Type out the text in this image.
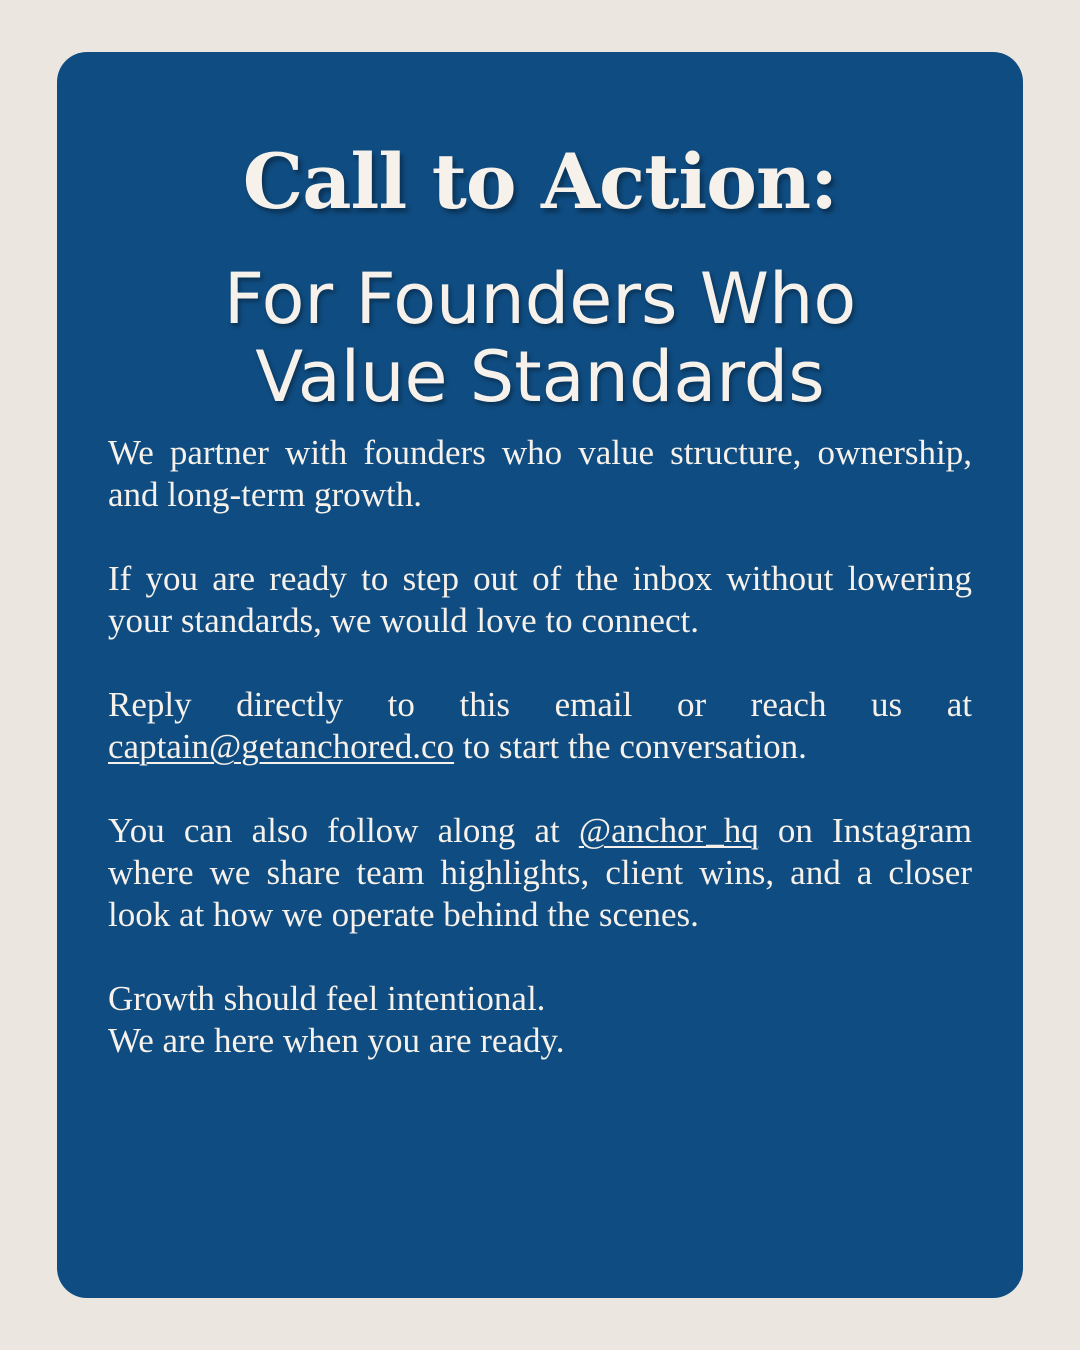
Call to Action:
For Founders Who
Value Standards

We partner with founders who value structure, ownership, and long-term growth.

If you are ready to step out of the inbox without lowering your standards, we would love to connect.

Reply directly to this email or reach us at captain@getanchored.co to start the conversation.

You can also follow along at @anchor_hq on Instagram where we share team highlights, client wins, and a closer look at how we operate behind the scenes.

Growth should feel intentional.
We are here when you are ready.
